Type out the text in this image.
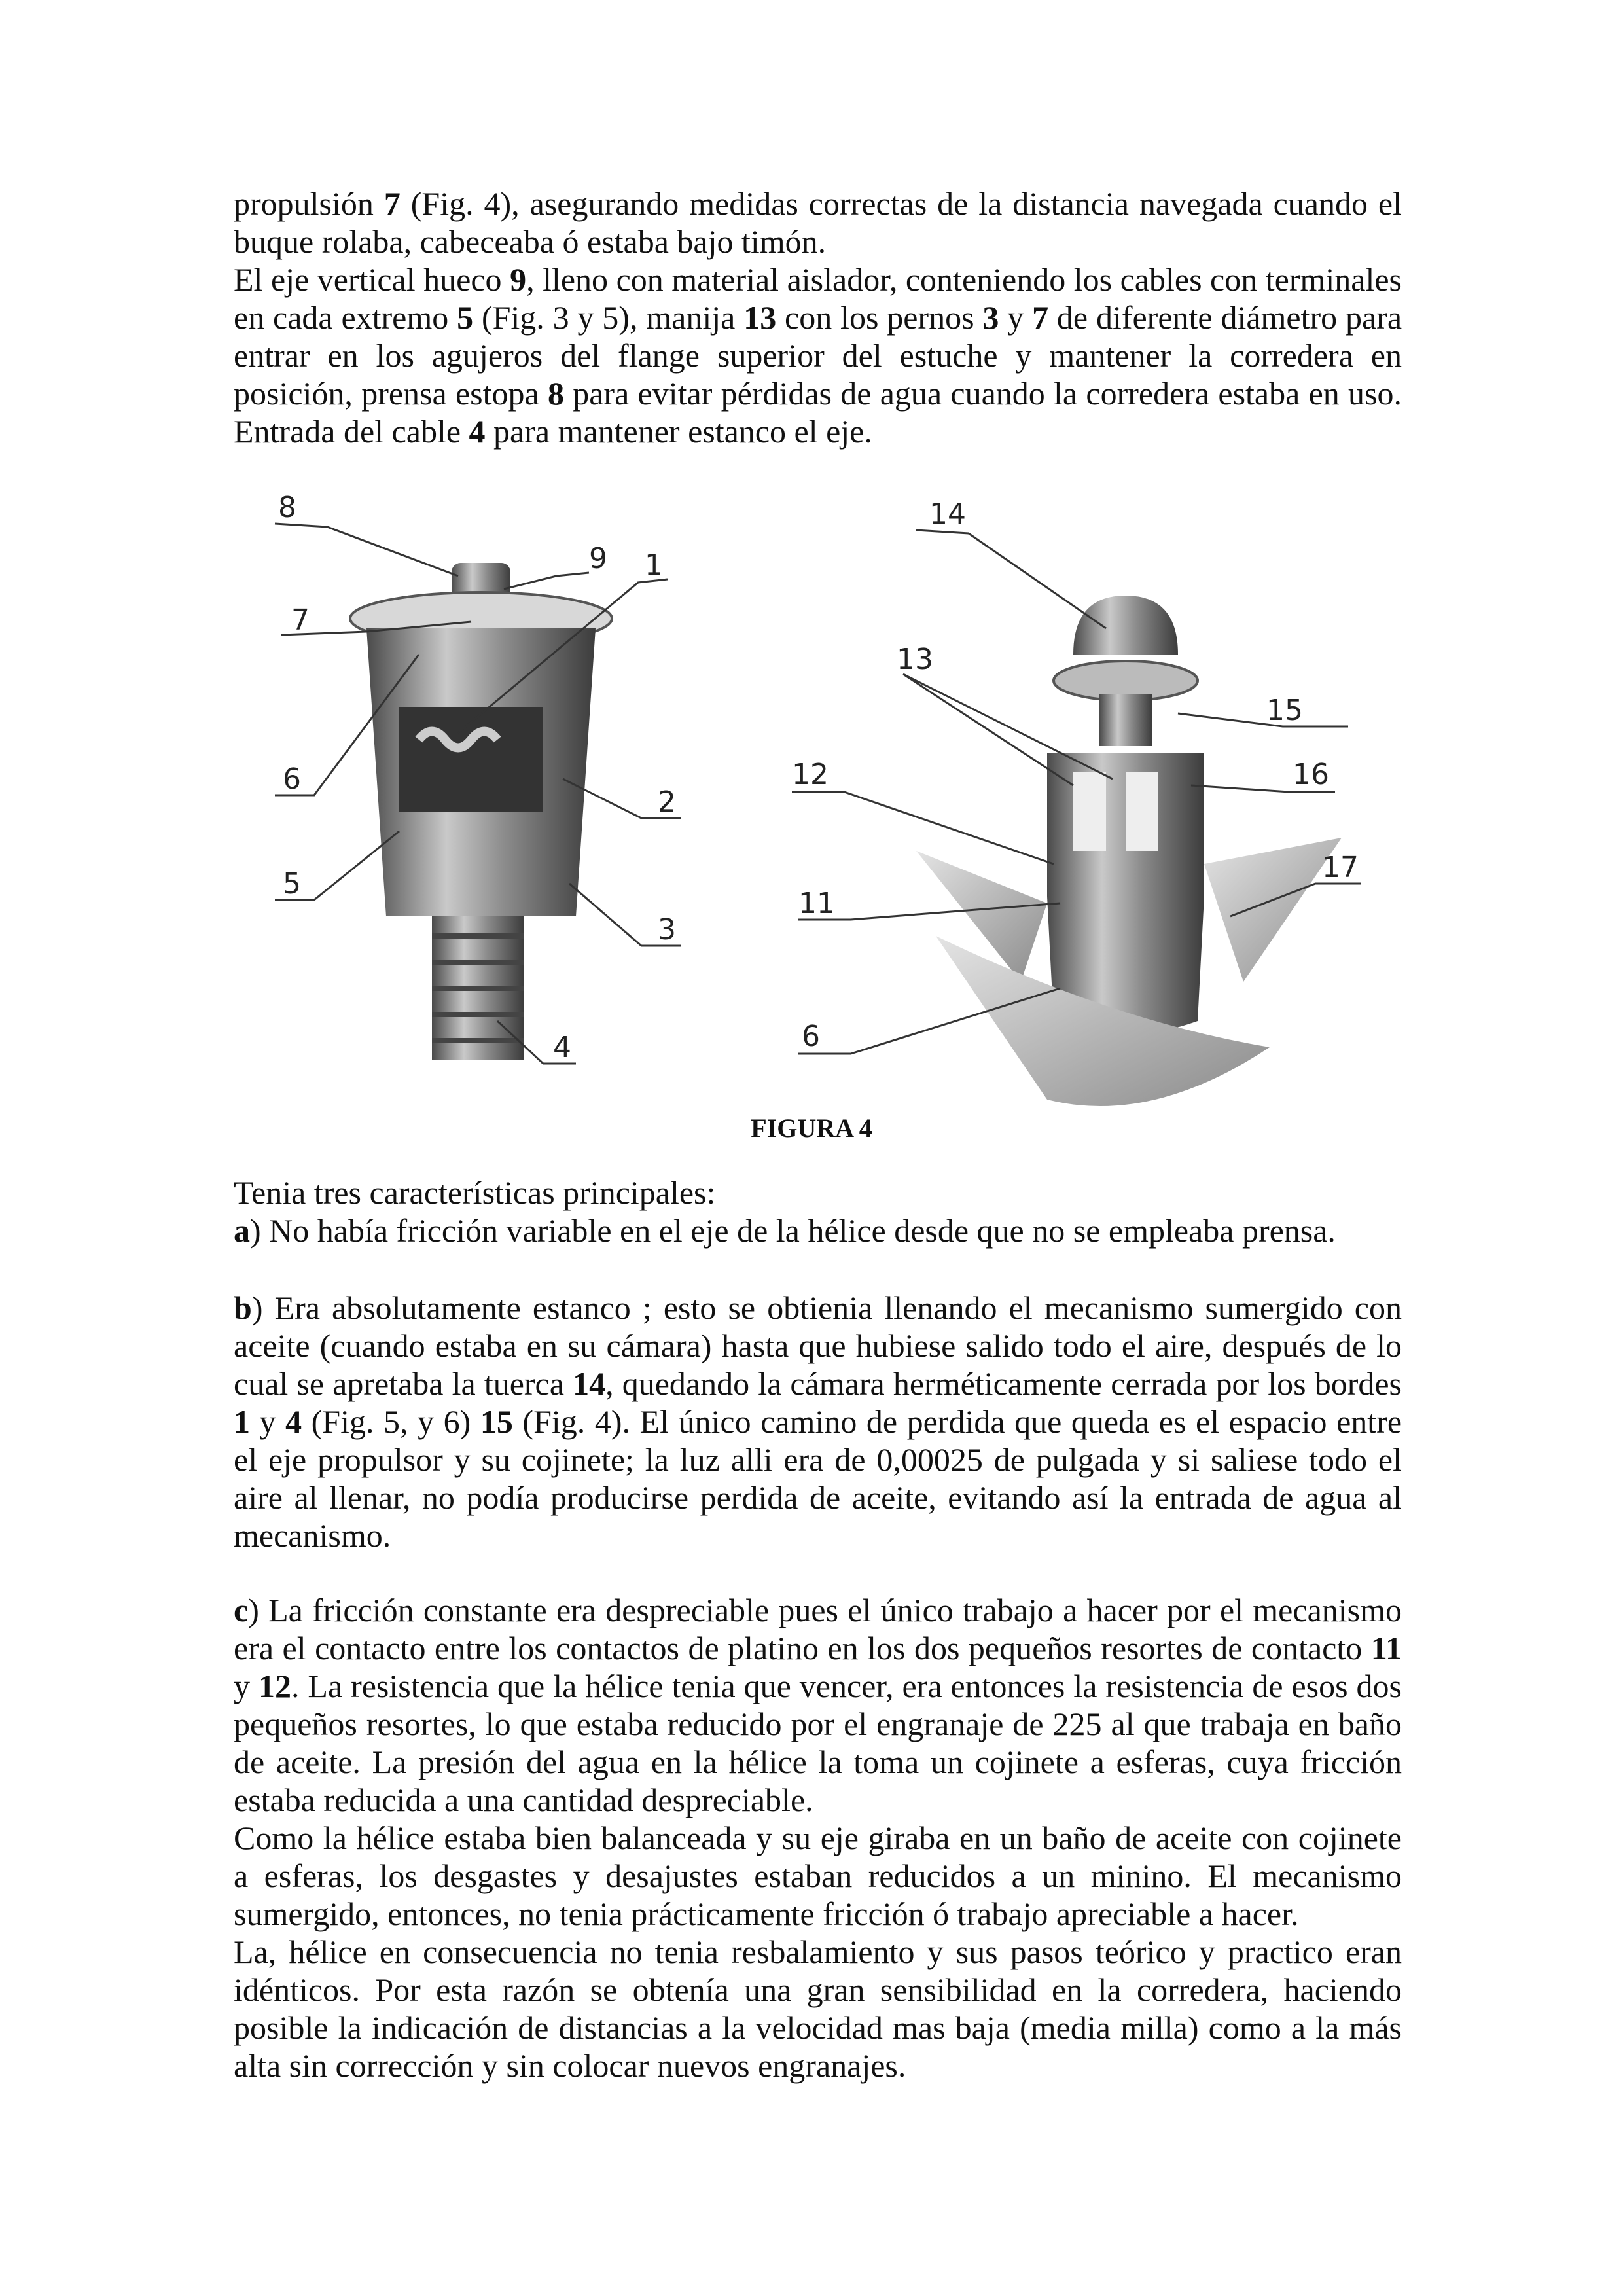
propulsión 7 (Fig. 4), asegurando medidas correctas de la distancia navegada cuando el buque rolaba, cabeceaba ó estaba bajo timón.

El eje vertical hueco 9, lleno con material aislador, conteniendo los cables con terminales en cada extremo 5 (Fig. 3 y 5), manija 13 con los pernos 3 y 7 de diferente diámetro para entrar en los agujeros del flange superior del estuche y mantener la corredera en posición, prensa estopa 8 para evitar pérdidas de agua cuando la corredera estaba en uso. Entrada del cable 4 para mantener estanco el eje.

8
9 1
7
6
2
5
3
4
14
13
15
12	16
17
11
6
FIGURA 4

Tenia tres características principales:

a) No había fricción variable en el eje de la hélice desde que no se empleaba prensa.

b) Era absolutamente estanco ; esto se obtienia llenando el mecanismo sumergido con aceite (cuando estaba en su cámara) hasta que hubiese salido todo el aire, después de lo cual se apretaba la tuerca 14, quedando la cámara herméticamente cerrada por los bordes 1 y 4 (Fig. 5, y 6) 15 (Fig. 4). El único camino de perdida que queda es el espacio entre el eje propulsor y su cojinete; la luz alli era de 0,00025 de pulgada y si saliese todo el aire al llenar, no podía producirse perdida de aceite, evitando así la entrada de agua al mecanismo.

c) La fricción constante era despreciable pues el único trabajo a hacer por el mecanismo era el contacto entre los contactos de platino en los dos pequeños resortes de contacto 11 y 12. La resistencia que la hélice tenia que vencer, era entonces la resistencia de esos dos pequeños resortes, lo que estaba reducido por el engranaje de 225 al que trabaja en baño de aceite. La presión del agua en la hélice la toma un cojinete a esferas, cuya fricción estaba reducida a una cantidad despreciable.

Como la hélice estaba bien balanceada y su eje giraba en un baño de aceite con cojinete a esferas, los desgastes y desajustes estaban reducidos a un minino. El mecanismo sumergido, entonces, no tenia prácticamente fricción ó trabajo apreciable a hacer.

La, hélice en consecuencia no tenia resbalamiento y sus pasos teórico y practico eran idénticos. Por esta razón se obtenía una gran sensibilidad en la corredera, haciendo posible la indicación de distancias a la velocidad mas baja (media milla) como a la más alta sin corrección y sin colocar nuevos engranajes.
